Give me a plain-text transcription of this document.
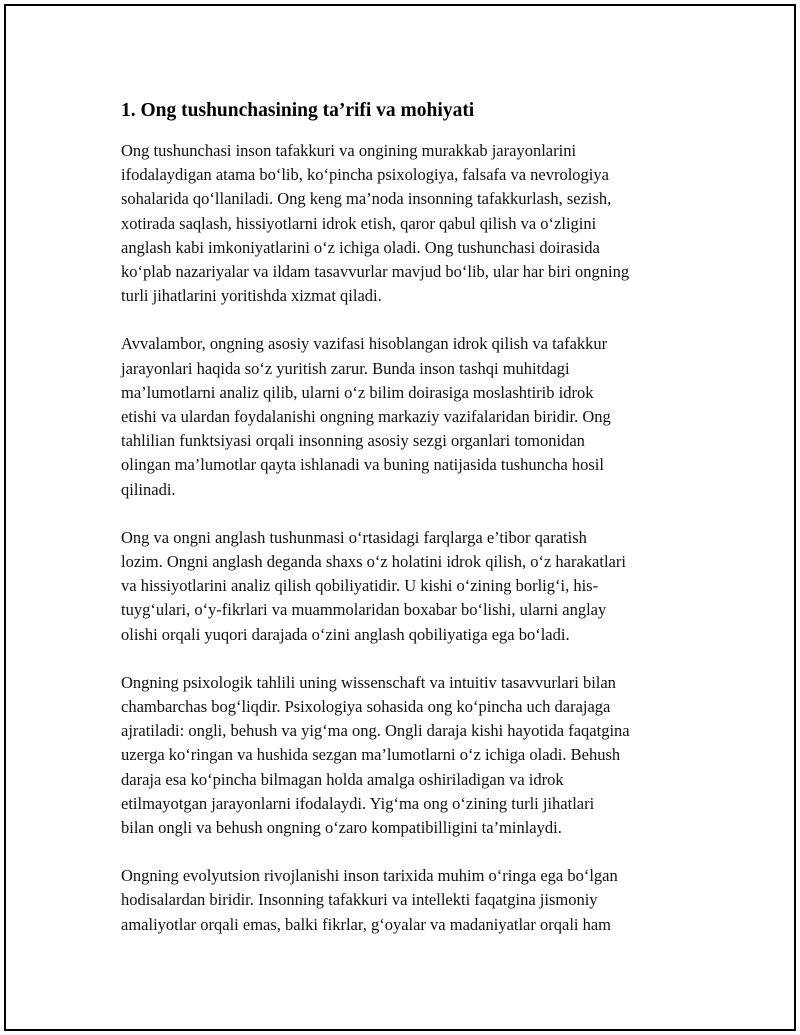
1. Ong tushunchasining ta’rifi va mohiyati
Ong tushunchasi inson tafakkuri va ongining murakkab jarayonlarini
ifodalaydigan atama bo‘lib, ko‘pincha psixologiya, falsafa va nevrologiya
sohalarida qo‘llaniladi. Ong keng ma’noda insonning tafakkurlash, sezish,
xotirada saqlash, hissiyotlarni idrok etish, qaror qabul qilish va o‘zligini
anglash kabi imkoniyatlarini o‘z ichiga oladi. Ong tushunchasi doirasida
ko‘plab nazariyalar va ildam tasavvurlar mavjud bo‘lib, ular har biri ongning
turli jihatlarini yoritishda xizmat qiladi.
Avvalambor, ongning asosiy vazifasi hisoblangan idrok qilish va tafakkur
jarayonlari haqida so‘z yuritish zarur. Bunda inson tashqi muhitdagi
ma’lumotlarni analiz qilib, ularni o‘z bilim doirasiga moslashtirib idrok
etishi va ulardan foydalanishi ongning markaziy vazifalaridan biridir. Ong
tahlilian funktsiyasi orqali insonning asosiy sezgi organlari tomonidan
olingan ma’lumotlar qayta ishlanadi va buning natijasida tushuncha hosil
qilinadi.
Ong va ongni anglash tushunmasi o‘rtasidagi farqlarga e’tibor qaratish
lozim. Ongni anglash deganda shaxs o‘z holatini idrok qilish, o‘z harakatlari
va hissiyotlarini analiz qilish qobiliyatidir. U kishi o‘zining borlig‘i, his-
tuyg‘ulari, o‘y-fikrlari va muammolaridan boxabar bo‘lishi, ularni anglay
olishi orqali yuqori darajada o‘zini anglash qobiliyatiga ega bo‘ladi.
Ongning psixologik tahlili uning wissenschaft va intuitiv tasavvurlari bilan
chambarchas bog‘liqdir. Psixologiya sohasida ong ko‘pincha uch darajaga
ajratiladi: ongli, behush va yig‘ma ong. Ongli daraja kishi hayotida faqatgina
uzerga ko‘ringan va hushida sezgan ma’lumotlarni o‘z ichiga oladi. Behush
daraja esa ko‘pincha bilmagan holda amalga oshiriladigan va idrok
etilmayotgan jarayonlarni ifodalaydi. Yig‘ma ong o‘zining turli jihatlari
bilan ongli va behush ongning o‘zaro kompatibilligini ta’minlaydi.
Ongning evolyutsion rivojlanishi inson tarixida muhim o‘ringa ega bo‘lgan
hodisalardan biridir. Insonning tafakkuri va intellekti faqatgina jismoniy
amaliyotlar orqali emas, balki fikrlar, g‘oyalar va madaniyatlar orqali ham
